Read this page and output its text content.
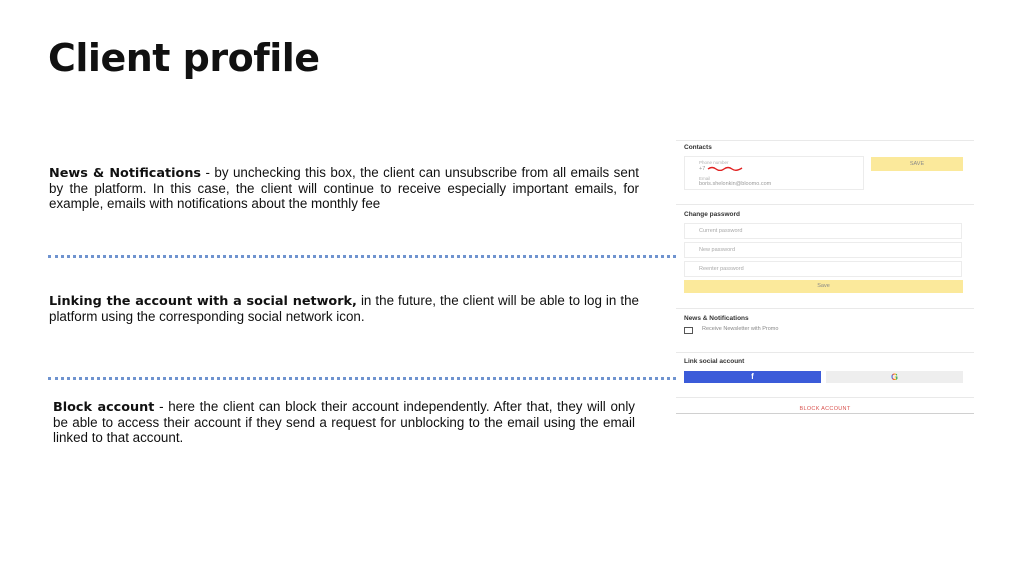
Client profile

News & Notifications - by unchecking this box, the client can unsubscribe from all emails sent by the platform. In this case, the client will continue to receive especially important emails, for example, emails with notifications about the monthly fee

Linking the account with a social network, in the future, the client will be able to log in the platform using the corresponding social network icon.

Block account - here the client can block their account independently. After that, they will only be able to access their account if they send a request for unblocking to the email using the email linked to that account.

Contacts
Phone number
+7
Email
boris.shelonkin@bloomo.com
SAVE
Change password
Current password
New password
Reenter password
Save
News & Notifications
Receive Newsletter with Promo
Link social account
f	G
BLOCK ACCOUNT
